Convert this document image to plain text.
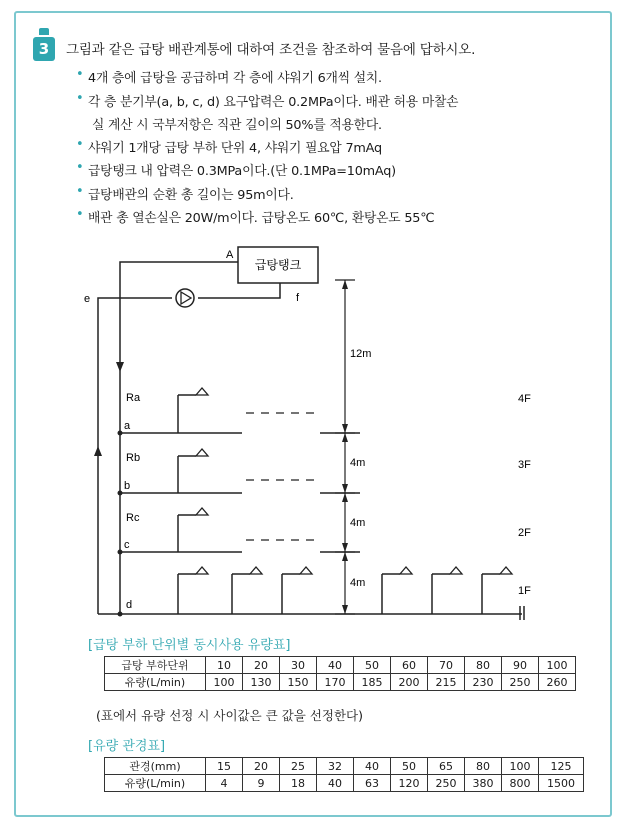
3	그림과 같은 급탕 배관계통에 대하여 조건을 참조하여 물음에 답하시오.
• 4개 층에 급탕을 공급하며 각 층에 샤워기 6개씩 설치.
• 각 층 분기부(a, b, c, d) 요구압력은 0.2MPa이다. 배관 허용 마찰손
실 계산 시 국부저항은 직관 길이의 50%를 적용한다.
• 샤워기 1개당 급탕 부하 단위 4, 샤워기 필요압 7mAq
• 급탕탱크 내 압력은 0.3MPa이다.(단 0.1MPa=10mAq)
• 급탕배관의 순환 총 길이는 95m이다.
• 배관 총 열손실은 20W/m이다. 급탕온도 60℃, 환탕온도 55℃
급탕탱크
A
e	f
Ra
a
Rb
b
Rc
c
d
12m
4m
4m
4m
4F
3F
2F
1F
[급탕 부하 단위별 동시사용 유량표]
급탕 부하단위	10	20	30	40	50	60	70	80	90	100
유량(L/min)	100	130	150	170	185	200	215	230	250	260
(표에서 유량 선정 시 사이값은 큰 값을 선정한다)
[유량 관경표]
관경(mm)	15	20	25	32	40	50	65	80	100	125
유량(L/min)	4	9	18	40	63	120	250	380	800	1500
